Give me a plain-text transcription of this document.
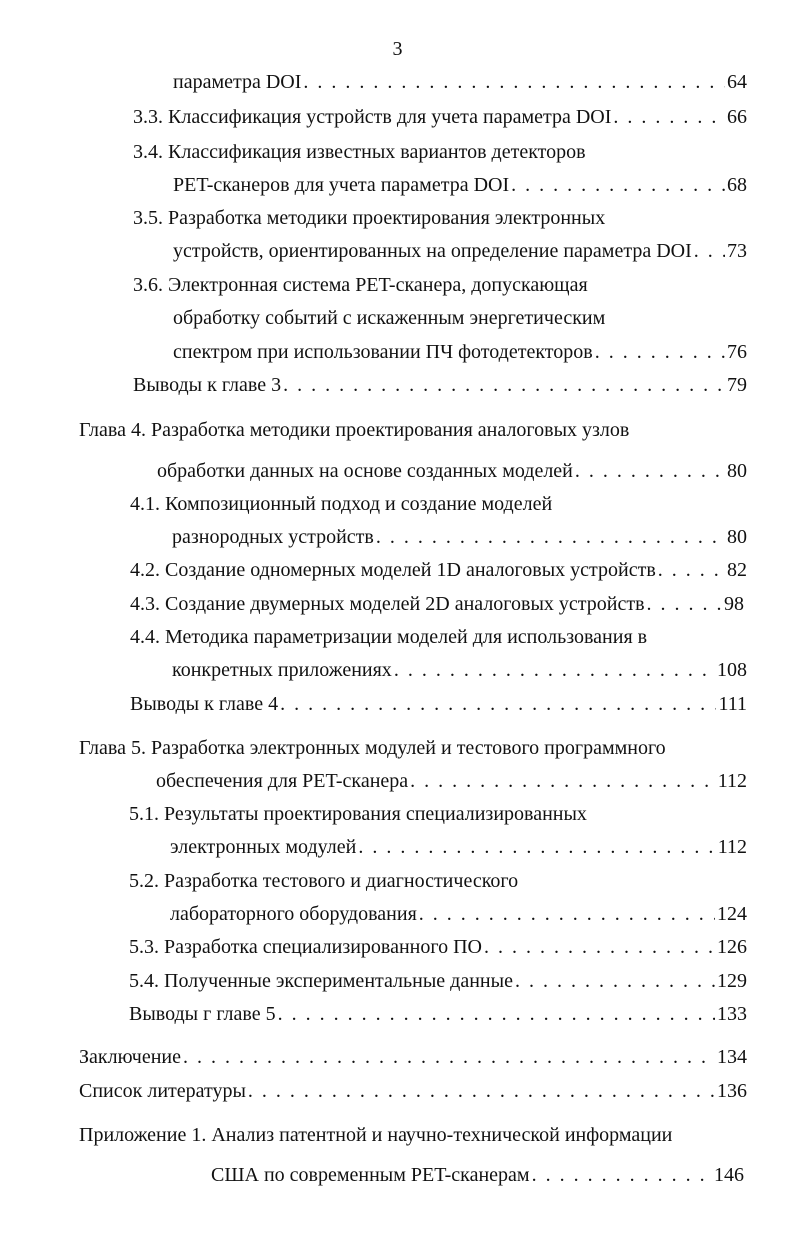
3
параметра DOI . . .	64
3.3. Классификация устройств для учета параметра DOI . . .	66
3.4. Классификация известных вариантов детекторов
PET-сканеров для учета параметра DOI . . .	68
3.5. Разработка методики проектирования электронных
устройств, ориентированных на определение параметра DOI . . . 73
3.6. Электронная система PET-сканера, допускающая
обработку событий с искаженным энергетическим
спектром при использовании ПЧ фотодетекторов . . .	76
Выводы к главе 3 . . .	79
Глава 4. Разработка методики проектирования аналоговых узлов
обработки данных на основе созданных моделей . . .	80
4.1. Композиционный подход и создание моделей
разнородных устройств . . .	80
4.2. Создание одномерных моделей 1D аналоговых устройств . . .	82
4.3. Создание двумерных моделей 2D аналоговых устройств . . .	98
4.4. Методика параметризации моделей для использования в
конкретных приложениях . . .	108
Выводы к главе 4 . . .	111
Глава 5. Разработка электронных модулей и тестового программного
обеспечения для PET-сканера . . .	112
5.1. Результаты проектирования специализированных
электронных модулей . . .	112
5.2. Разработка тестового и диагностического
лабораторного оборудования . . .	124
5.3. Разработка специализированного ПО . . .	126
5.4. Полученные экспериментальные данные . . .	129
Выводы г главе 5 . . .	133
Заключение . . .	134
Список литературы . . .	136
Приложение 1. Анализ патентной и научно-технической информации
США по современным PET-сканерам . . .	146
